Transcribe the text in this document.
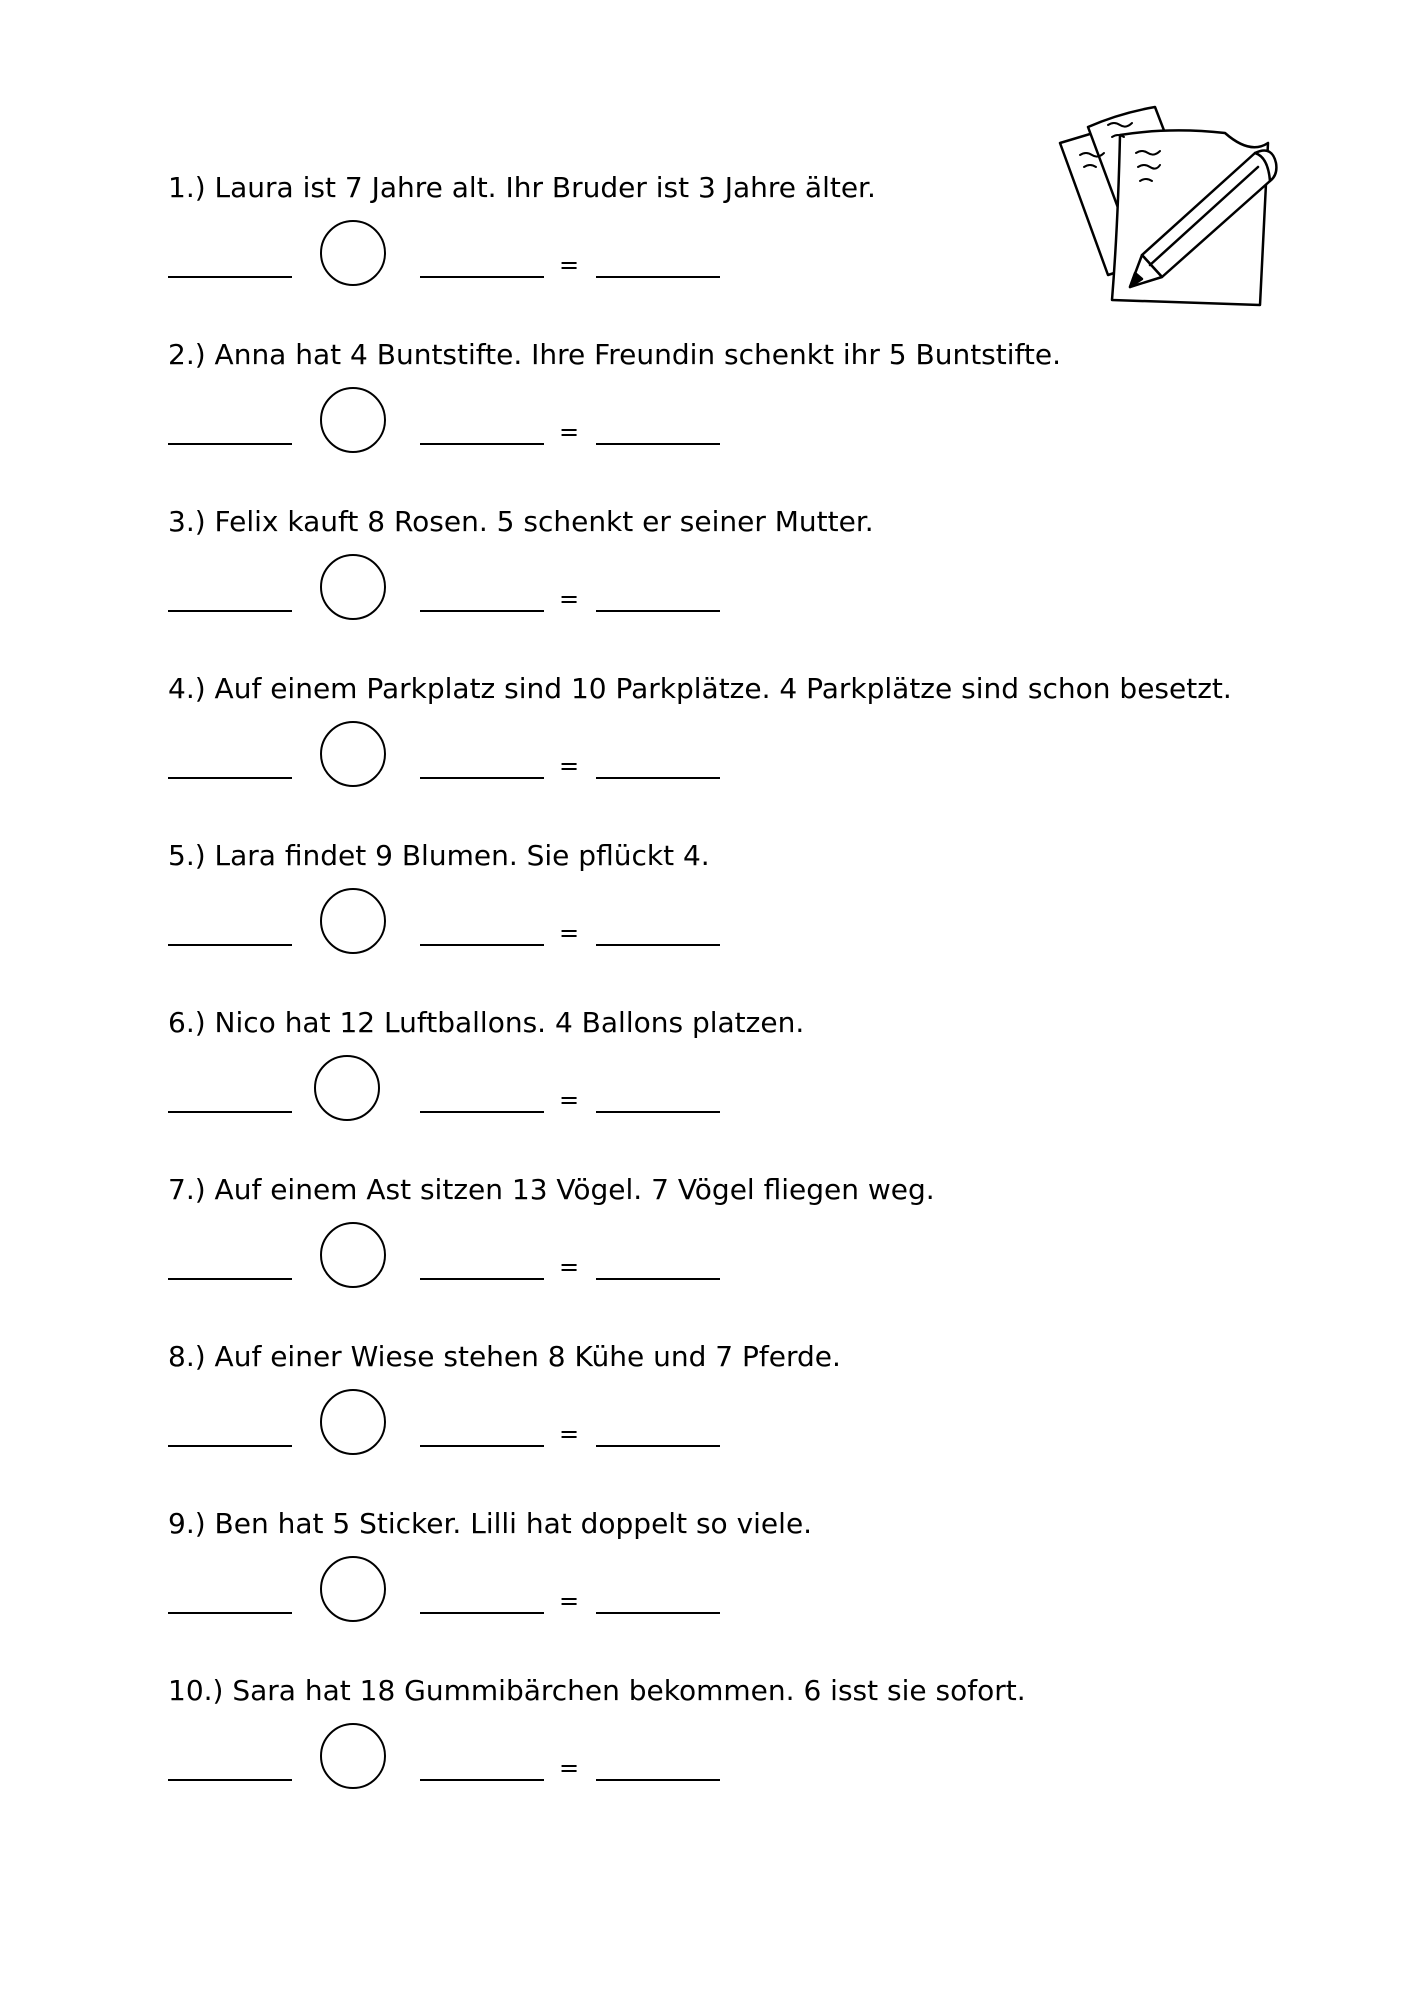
1.) Laura ist 7 Jahre alt. Ihr Bruder ist 3 Jahre älter.
=
2.) Anna hat 4 Buntstifte. Ihre Freundin schenkt ihr 5 Buntstifte.
=
3.) Felix kauft 8 Rosen. 5 schenkt er seiner Mutter.
=
4.) Auf einem Parkplatz sind 10 Parkplätze. 4 Parkplätze sind schon besetzt.
=
5.) Lara findet 9 Blumen. Sie pflückt 4.
=
6.) Nico hat 12 Luftballons. 4 Ballons platzen.
=
7.) Auf einem Ast sitzen 13 Vögel. 7 Vögel fliegen weg.
=
8.) Auf einer Wiese stehen 8 Kühe und 7 Pferde.
=
9.) Ben hat 5 Sticker. Lilli hat doppelt so viele.
=
10.) Sara hat 18 Gummibärchen bekommen. 6 isst sie sofort.
=
